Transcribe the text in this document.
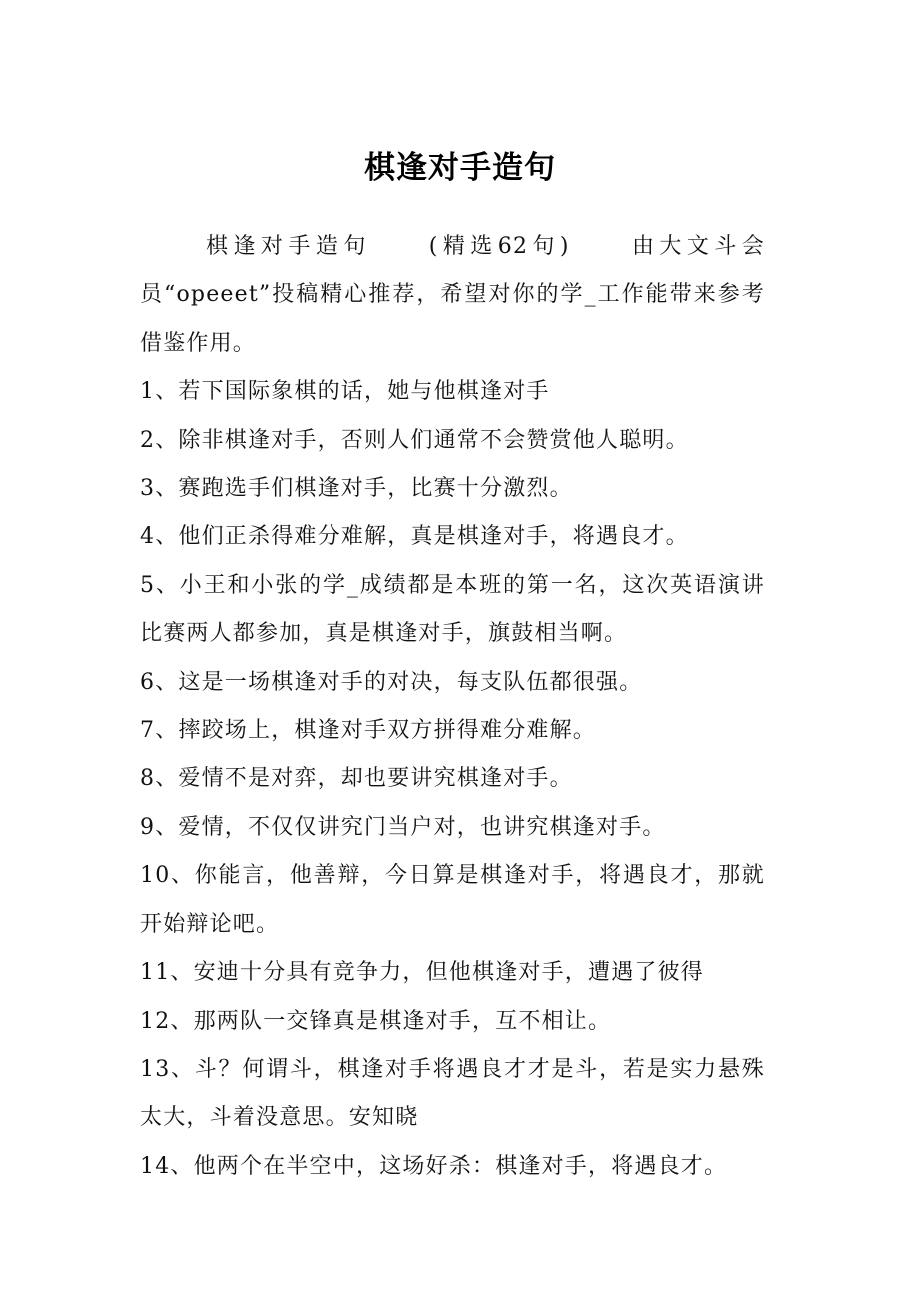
棋逢对手造句

棋逢对手造句	(精选62句)	由大文斗会员“opeeet”投稿精心推荐，希望对你的学_工作能带来参考借鉴作用。

1、若下国际象棋的话，她与他棋逢对手

2、除非棋逢对手，否则人们通常不会赞赏他人聪明。

3、赛跑选手们棋逢对手，比赛十分激烈。

4、他们正杀得难分难解，真是棋逢对手，将遇良才。

5、小王和小张的学_成绩都是本班的第一名，这次英语演讲比赛两人都参加，真是棋逢对手，旗鼓相当啊。

6、这是一场棋逢对手的对决，每支队伍都很强。

7、摔跤场上，棋逢对手双方拼得难分难解。

8、爱情不是对弈，却也要讲究棋逢对手。

9、爱情，不仅仅讲究门当户对，也讲究棋逢对手。

10、你能言，他善辩，今日算是棋逢对手，将遇良才，那就开始辩论吧。

11、安迪十分具有竞争力，但他棋逢对手，遭遇了彼得

12、那两队一交锋真是棋逢对手，互不相让。

13、斗？何谓斗，棋逢对手将遇良才才是斗，若是实力悬殊太大，斗着没意思。安知晓

14、他两个在半空中，这场好杀：棋逢对手，将遇良才。
